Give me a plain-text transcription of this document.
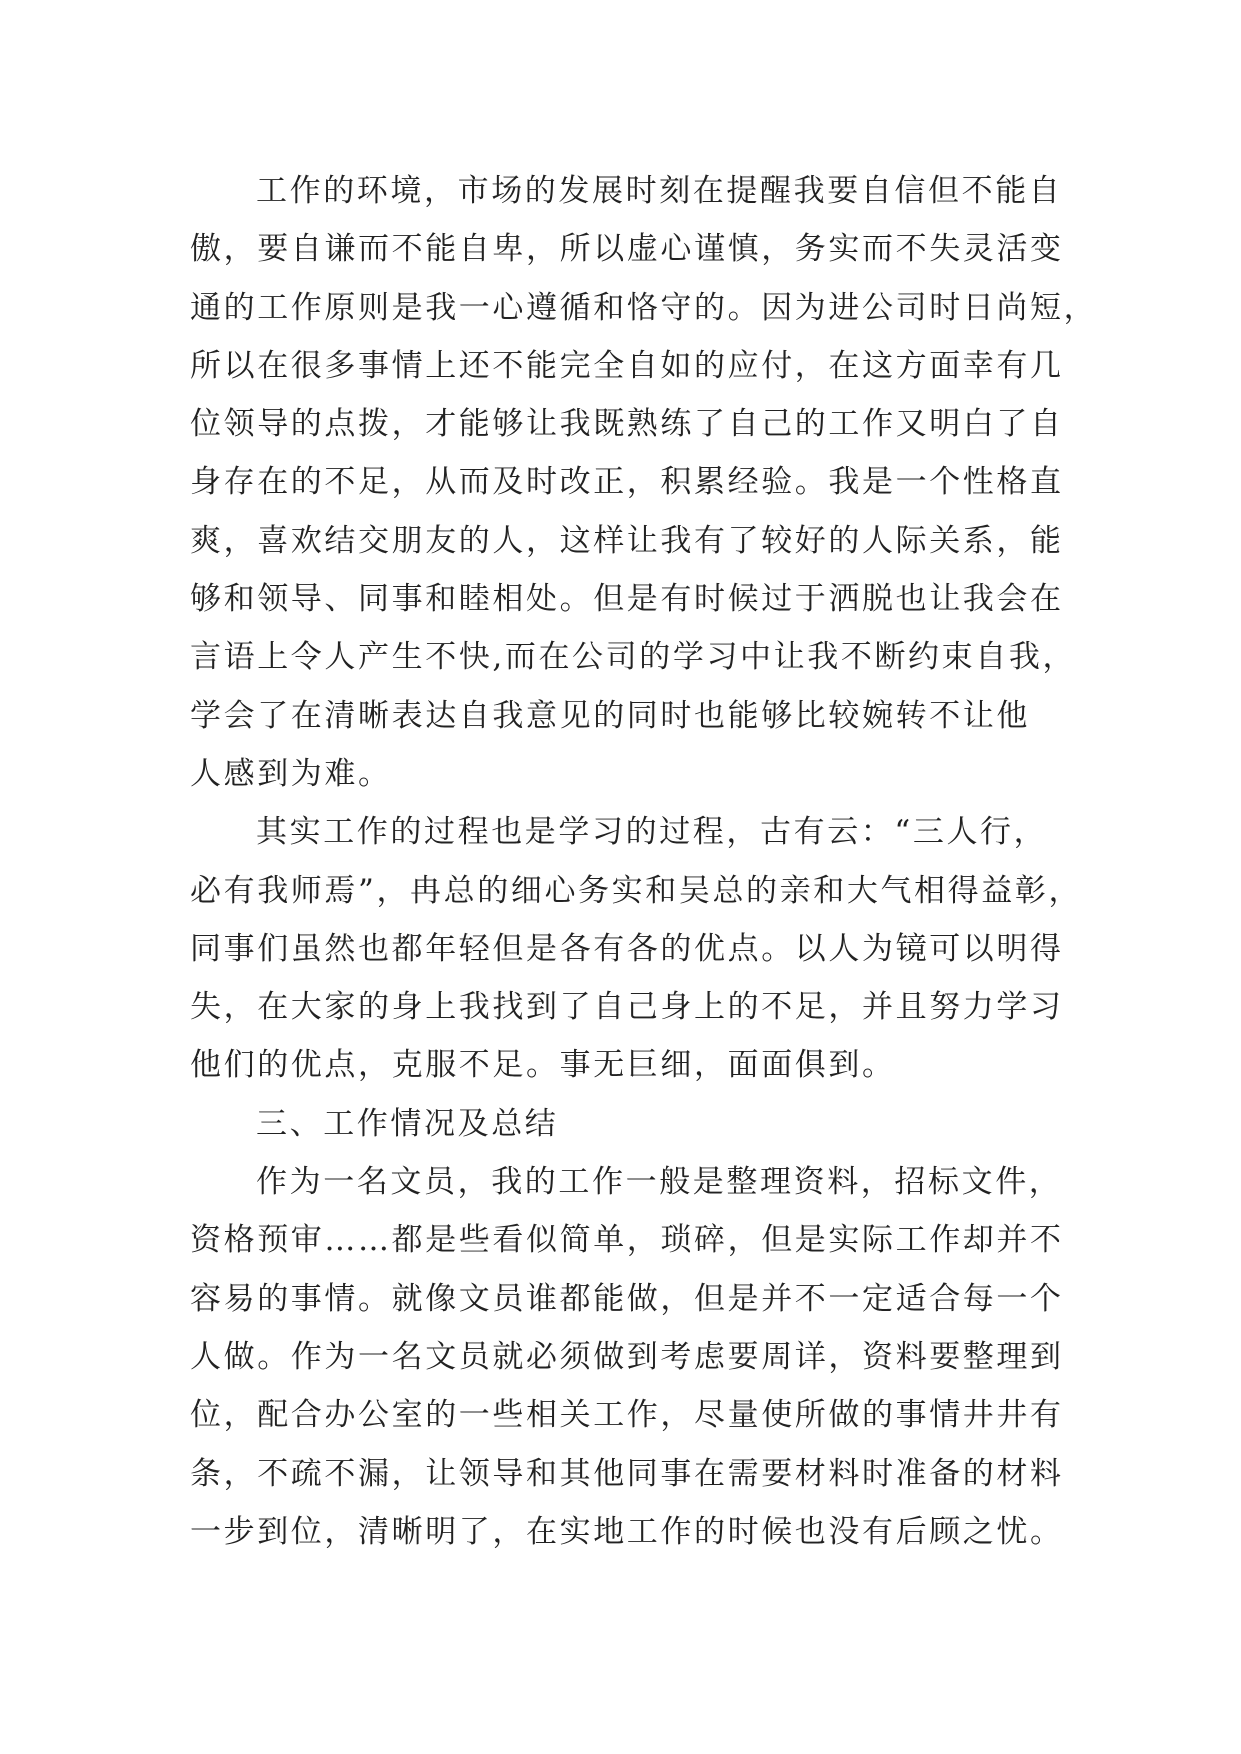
工作的环境，市场的发展时刻在提醒我要自信但不能自
傲，要自谦而不能自卑，所以虚心谨慎，务实而不失灵活变
通的工作原则是我一心遵循和恪守的。因为进公司时日尚短，
所以在很多事情上还不能完全自如的应付，在这方面幸有几
位领导的点拨，才能够让我既熟练了自己的工作又明白了自
身存在的不足，从而及时改正，积累经验。我是一个性格直
爽，喜欢结交朋友的人，这样让我有了较好的人际关系，能
够和领导、同事和睦相处。但是有时候过于洒脱也让我会在
言语上令人产生不快,而在公司的学习中让我不断约束自我，
学会了在清晰表达自我意见的同时也能够比较婉转不让他
人感到为难。
其实工作的过程也是学习的过程，古有云：“三人行，
必有我师焉”，冉总的细心务实和吴总的亲和大气相得益彰，
同事们虽然也都年轻但是各有各的优点。以人为镜可以明得
失，在大家的身上我找到了自己身上的不足，并且努力学习
他们的优点，克服不足。事无巨细，面面俱到。
三、工作情况及总结
作为一名文员，我的工作一般是整理资料，招标文件，
资格预审……都是些看似简单，琐碎，但是实际工作却并不
容易的事情。就像文员谁都能做，但是并不一定适合每一个
人做。作为一名文员就必须做到考虑要周详，资料要整理到
位，配合办公室的一些相关工作，尽量使所做的事情井井有
条，不疏不漏，让领导和其他同事在需要材料时准备的材料
一步到位，清晰明了，在实地工作的时候也没有后顾之忧。
